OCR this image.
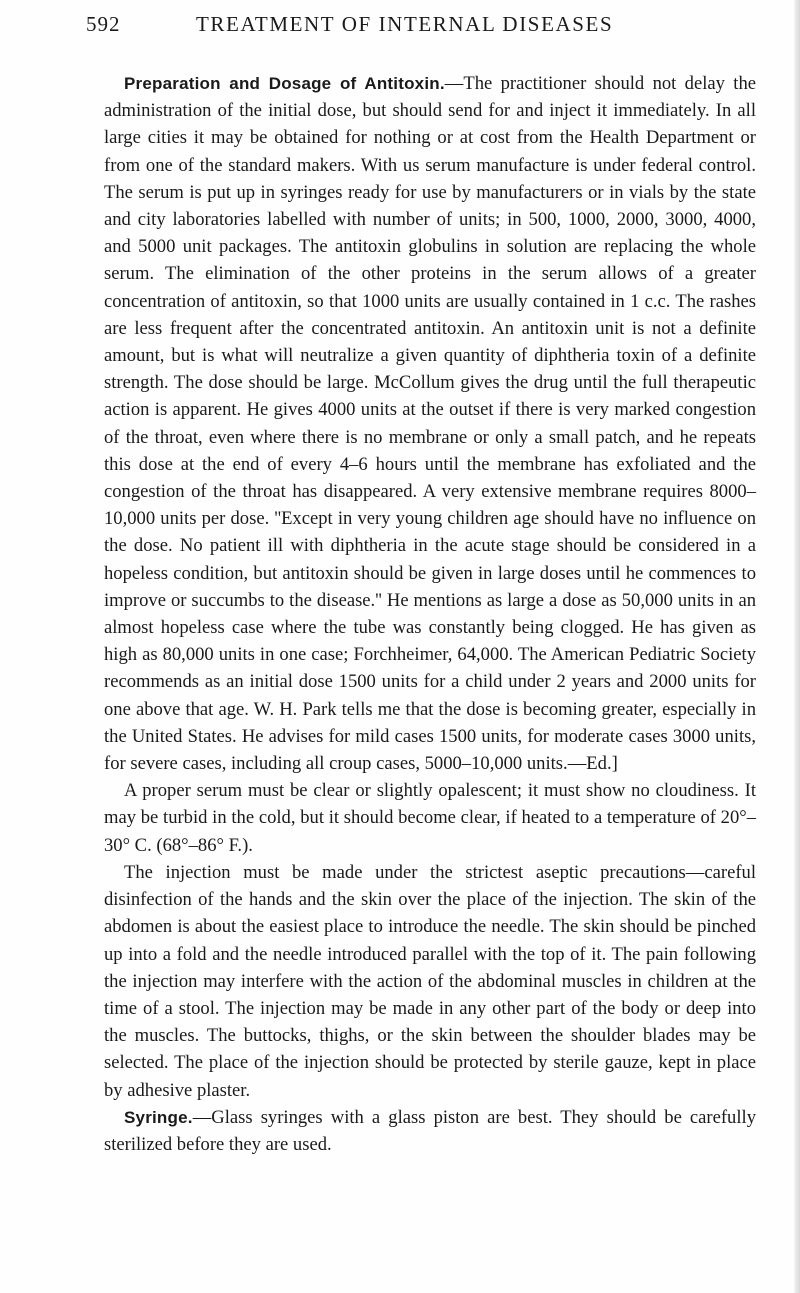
592	TREATMENT OF INTERNAL DISEASES

Preparation and Dosage of Antitoxin.—The practitioner should not delay the administration of the initial dose, but should send for and inject it immediately. In all large cities it may be obtained for nothing or at cost from the Health Department or from one of the standard makers. With us serum manufacture is under federal control. The serum is put up in syringes ready for use by manufacturers or in vials by the state and city laboratories labelled with number of units; in 500, 1000, 2000, 3000, 4000, and 5000 unit packages. The antitoxin globulins in solution are replacing the whole serum. The elimination of the other proteins in the serum allows of a greater concentration of antitoxin, so that 1000 units are usually contained in 1 c.c. The rashes are less frequent after the concentrated antitoxin. An antitoxin unit is not a definite amount, but is what will neutralize a given quantity of diphtheria toxin of a definite strength. The dose should be large. McCollum gives the drug until the full therapeutic action is apparent. He gives 4000 units at the outset if there is very marked congestion of the throat, even where there is no membrane or only a small patch, and he repeats this dose at the end of every 4–6 hours until the membrane has exfoliated and the congestion of the throat has disappeared. A very extensive membrane requires 8000–10,000 units per dose. ''Except in very young children age should have no influence on the dose. No patient ill with diphtheria in the acute stage should be considered in a hopeless condition, but antitoxin should be given in large doses until he commences to improve or succumbs to the disease.'' He mentions as large a dose as 50,000 units in an almost hopeless case where the tube was constantly being clogged. He has given as high as 80,000 units in one case; Forchheimer, 64,000. The American Pediatric Society recommends as an initial dose 1500 units for a child under 2 years and 2000 units for one above that age. W. H. Park tells me that the dose is becoming greater, especially in the United States. He advises for mild cases 1500 units, for moderate cases 3000 units, for severe cases, including all croup cases, 5000–10,000 units.—Ed.]

A proper serum must be clear or slightly opalescent; it must show no cloudiness. It may be turbid in the cold, but it should become clear, if heated to a temperature of 20°–30° C. (68°–86° F.).

The injection must be made under the strictest aseptic precautions—careful disinfection of the hands and the skin over the place of the injection. The skin of the abdomen is about the easiest place to introduce the needle. The skin should be pinched up into a fold and the needle introduced parallel with the top of it. The pain following the injection may interfere with the action of the abdominal muscles in children at the time of a stool. The injection may be made in any other part of the body or deep into the muscles. The buttocks, thighs, or the skin between the shoulder blades may be selected. The place of the injection should be protected by sterile gauze, kept in place by adhesive plaster.

Syringe.—Glass syringes with a glass piston are best. They should be carefully sterilized before they are used.
